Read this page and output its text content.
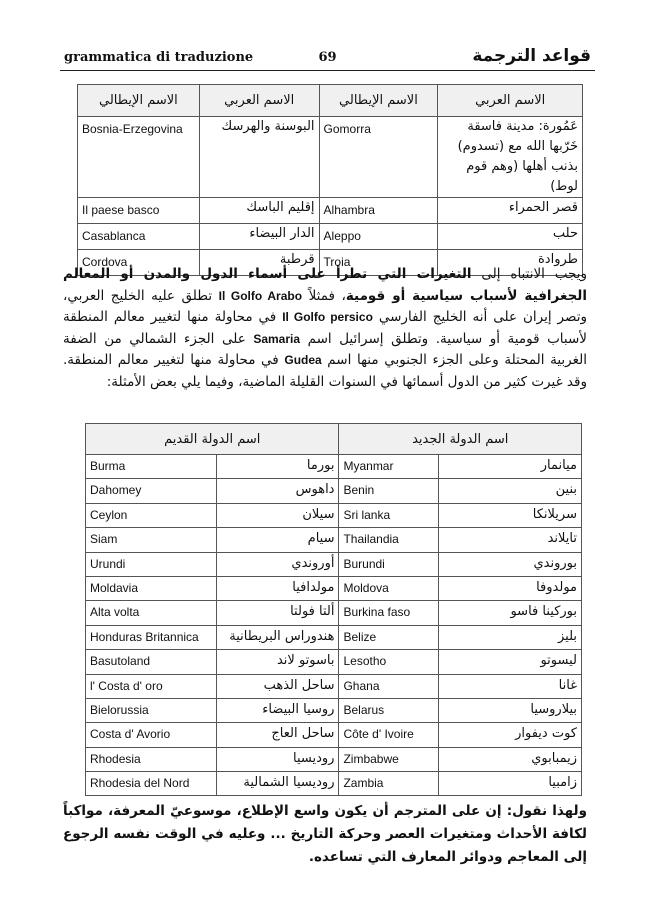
grammatica di traduzione	69	قواعد الترجمة
الاسم الإيطالي	الاسم العربي	الاسم الإيطالي	الاسم العربي
Bosnia-Erzegovina	البوسنة والهرسك	Gomorra	عَمُورة: مدينة فاسقة خَرّبها الله مع (تسدوم) بذنب أهلها (وهم قوم لوط)
Il paese basco	إقليم الباسك	Alhambra	قصر الحمراء
Casablanca	الدار البيضاء	Aleppo	حلب
Cordova	قرطبة	Troia	طروادة
ويجب الانتباه إلى التغيرات التي تطرأ على أسماء الدول والمدن أو المعالم الجغرافية لأسباب سياسية أو قومية، فمثلاً Il Golfo Arabo تطلق عليه الخليج العربي، وتصر إيران على أنه الخليج الفارسي Il Golfo persico في محاولة منها لتغيير معالم المنطقة لأسباب قومية أو سياسية. وتطلق إسرائيل اسم Samaria على الجزء الشمالي من الضفة الغربية المحتلة وعلى الجزء الجنوبي منها اسم Gudea في محاولة منها لتغيير معالم المنطقة. وقد غيرت كثير من الدول أسمائها في السنوات القليلة الماضية، وفيما يلي بعض الأمثلة:
اسم الدولة القديم		اسم الدولة الجديد	
Burma	بورما	Myanmar	ميانمار
Dahomey	داهوس	Benin	بنين
Ceylon	سيلان	Sri lanka	سريلانكا
Siam	سيام	Thailandia	تايلاند
Urundi	أوروندي	Burundi	بوروندي
Moldavia	مولدافيا	Moldova	مولدوفا
Alta volta	ألتا فولتا	Burkina faso	بوركينا فاسو
Honduras Britannica	هندوراس البريطانية	Belize	بليز
Basutoland	باسوتو لاند	Lesotho	ليسوتو
l' Costa d' oro	ساحل الذهب	Ghana	غانا
Bielorussia	روسيا البيضاء	Belarus	بيلاروسيا
Costa d' Avorio	ساحل العاج	Côte d' Ivoire	كوت ديفوار
Rhodesia	روديسيا	Zimbabwe	زيمبابوي
Rhodesia del Nord	روديسيا الشمالية	Zambia	زامبيا
ولهذا نقول: إن على المترجم أن يكون واسع الإطلاع، موسوعيّ المعرفة، مواكباً لكافة الأحداث ومتغيرات العصر وحركة التاريخ ... وعليه في الوقت نفسه الرجوع إلى المعاجم ودوائر المعارف التي تساعده.
